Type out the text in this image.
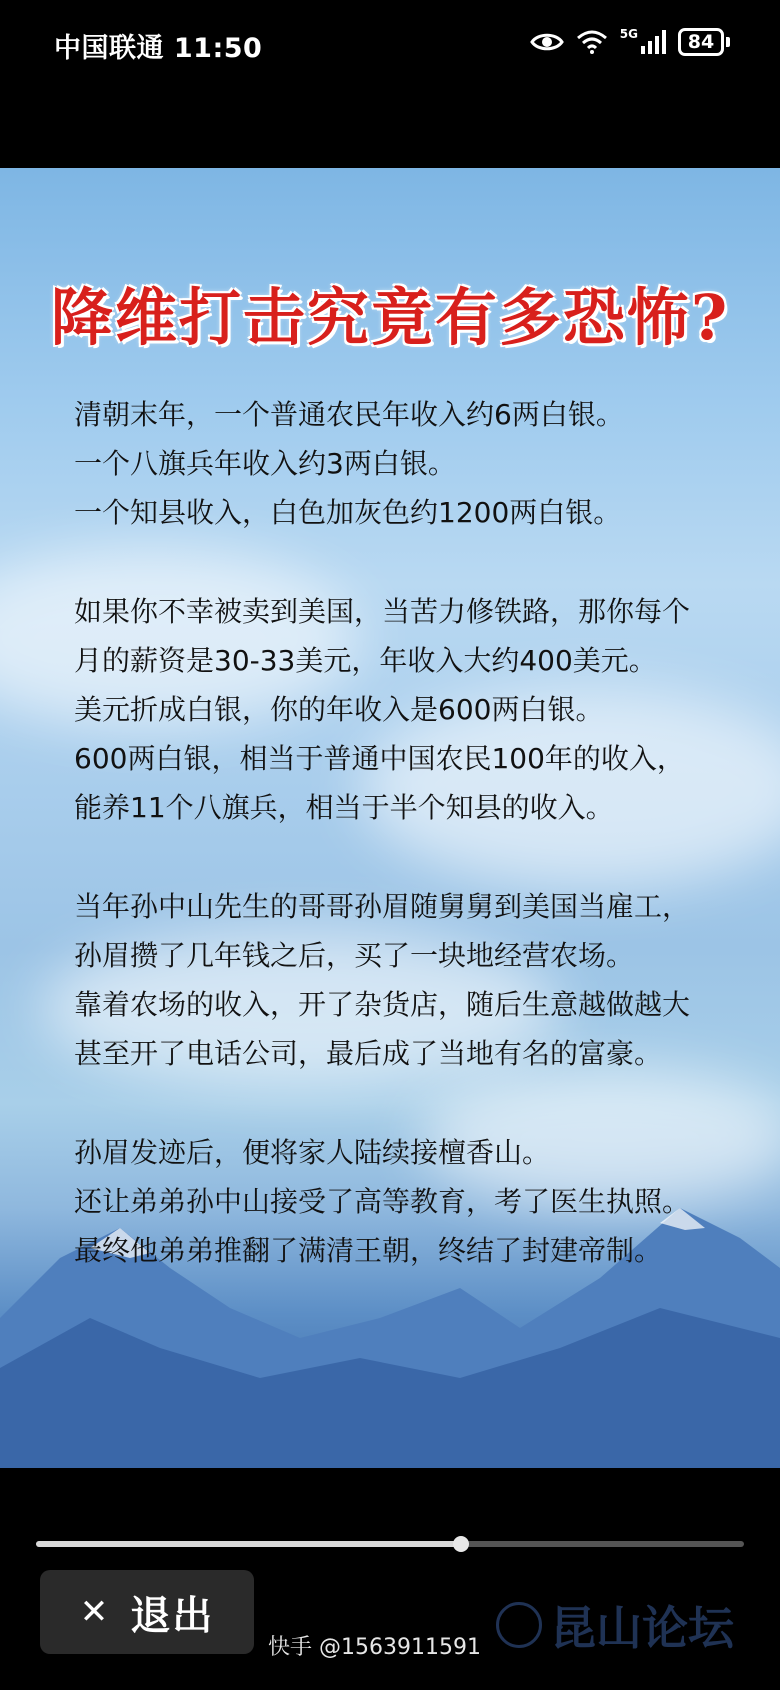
中国联通 11:50	5G	84
降维打击究竟有多恐怖?
清朝末年，一个普通农民年收入约6两白银。
一个八旗兵年收入约3两白银。
一个知县收入，白色加灰色约1200两白银。
如果你不幸被卖到美国，当苦力修铁路，那你每个
月的薪资是30-33美元，年收入大约400美元。
美元折成白银，你的年收入是600两白银。
600两白银，相当于普通中国农民100年的收入，
能养11个八旗兵，相当于半个知县的收入。
当年孙中山先生的哥哥孙眉随舅舅到美国当雇工，
孙眉攒了几年钱之后，买了一块地经营农场。
靠着农场的收入，开了杂货店，随后生意越做越大
甚至开了电话公司，最后成了当地有名的富豪。
孙眉发迹后，便将家人陆续接檀香山。
还让弟弟孙中山接受了高等教育，考了医生执照。
最终他弟弟推翻了满清王朝，终结了封建帝制。
✕ 退出	昆山论坛
快手 @1563911591
